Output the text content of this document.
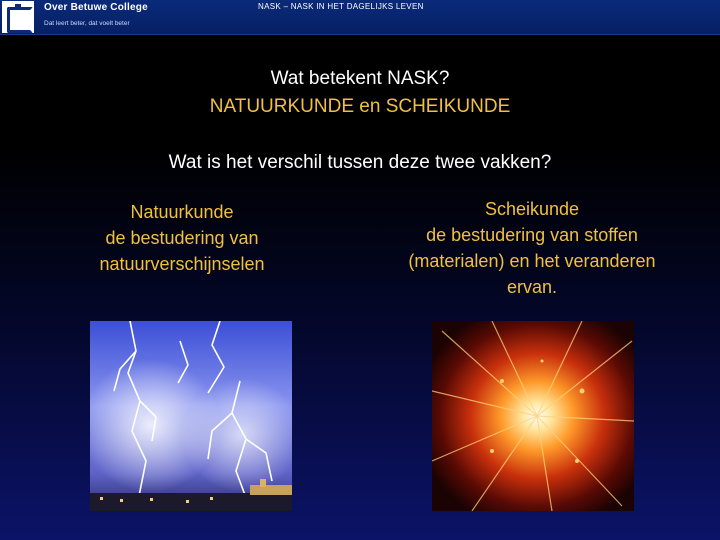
Over Betuwe College
Dat leert beter, dat voelt beter
NASK – NASK IN HET DAGELIJKS LEVEN
Wat betekent NASK?
NATUURKUNDE en SCHEIKUNDE
Wat is het verschil tussen deze twee vakken?
Natuurkunde
de bestudering van
natuurverschijnselen
Scheikunde
de bestudering van stoffen
(materialen) en het veranderen
ervan.
